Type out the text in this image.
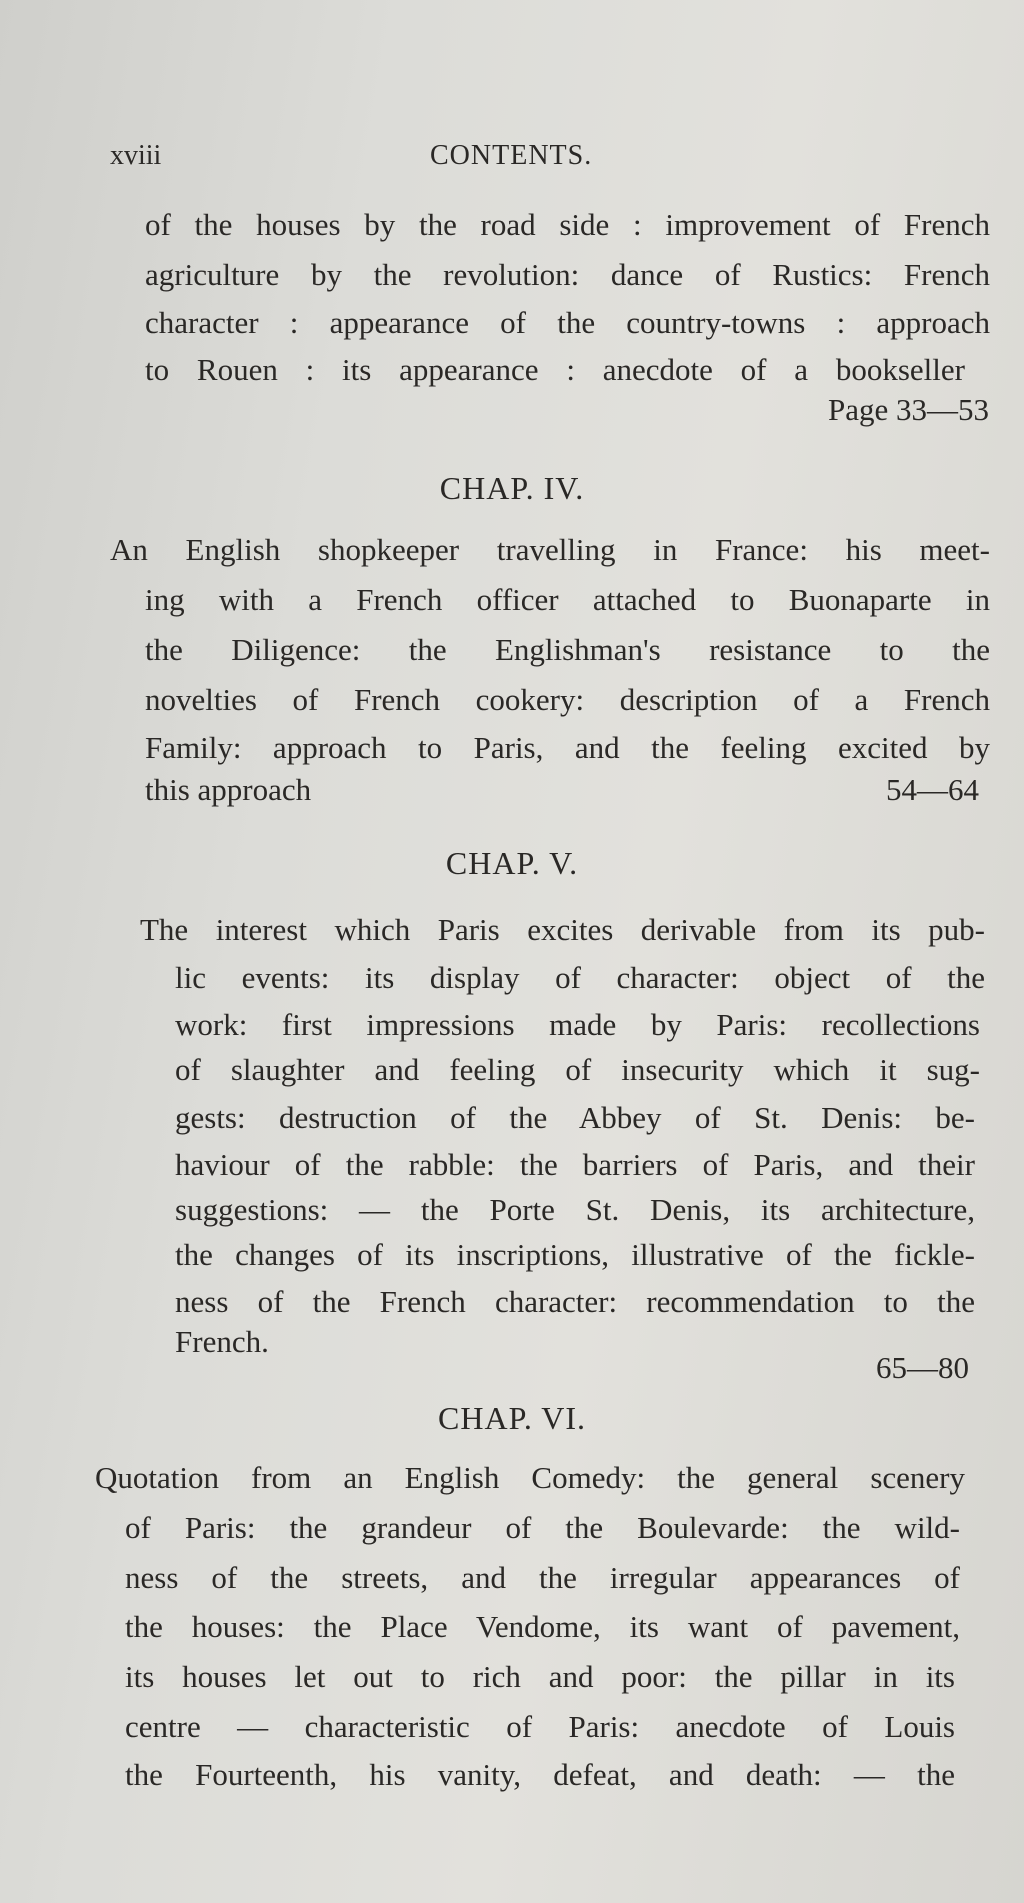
xviii	CONTENTS.
of the houses by the road side : improvement of French
agriculture by the revolution: dance of Rustics: French
character : appearance of the country-towns : approach
to Rouen : its appearance : anecdote of a bookseller
Page 33—53
CHAP. IV.
An English shopkeeper travelling in France: his meet-
ing with a French officer attached to Buonaparte in
the Diligence: the Englishman's resistance to the
novelties of French cookery: description of a French
Family: approach to Paris, and the feeling excited by
this approach	54—64
CHAP. V.
The interest which Paris excites derivable from its pub-
lic events: its display of character: object of the
work: first impressions made by Paris: recollections
of slaughter and feeling of insecurity which it sug-
gests: destruction of the Abbey of St. Denis: be-
haviour of the rabble: the barriers of Paris, and their
suggestions: — the Porte St. Denis, its architecture,
the changes of its inscriptions, illustrative of the fickle-
ness of the French character: recommendation to the
French.
65—80
CHAP. VI.
Quotation from an English Comedy: the general scenery
of Paris: the grandeur of the Boulevarde: the wild-
ness of the streets, and the irregular appearances of
the houses: the Place Vendome, its want of pavement,
its houses let out to rich and poor: the pillar in its
centre — characteristic of Paris: anecdote of Louis
the Fourteenth, his vanity, defeat, and death: — the
